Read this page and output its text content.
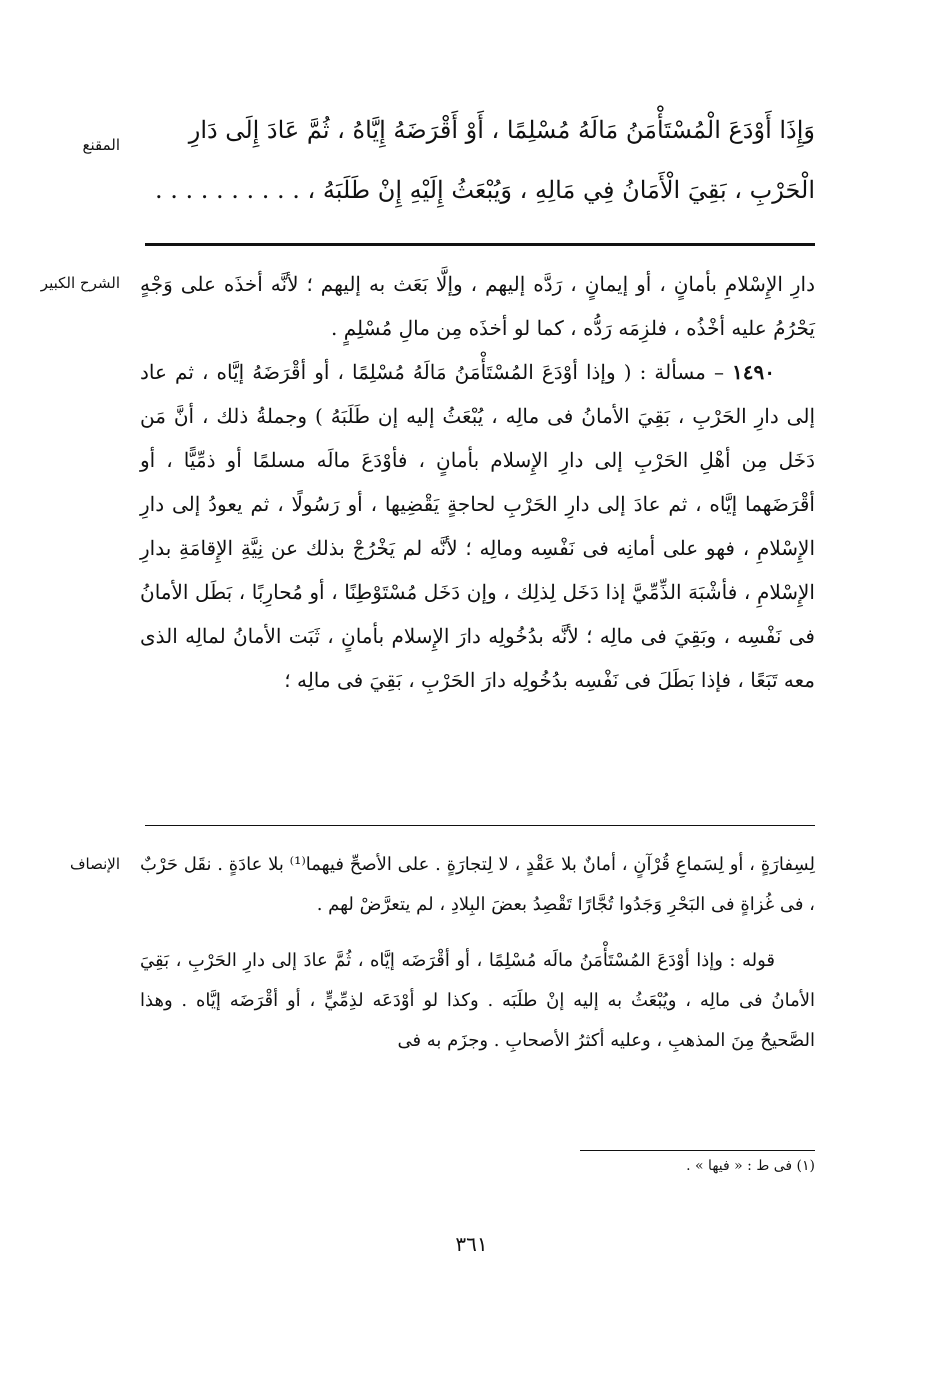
المقنع

وَإِذَا أَوْدَعَ الْمُسْتَأْمَنُ مَالَهُ مُسْلِمًا ، أَوْ أَقْرَضَهُ إِيَّاهُ ، ثُمَّ عَادَ إِلَى دَارِ

الْحَرْبِ ، بَقِيَ الْأَمَانُ فِي مَالِهِ ، وَيُبْعَثُ إِلَيْهِ إِنْ طَلَبَهُ ، . . . . . . . . . .

الشرح الكبير دارِ الإِسْلامِ بأمانٍ ، أو إيمانٍ ، رَدَّه إليهم ، وإلَّا بَعَث به إليهم ؛ لأنَّه أخذَه على وَجْهٍ يَحْرُمُ عليه أخْذُه ، فلزِمَه رَدُّه ، كما لو أخذَه مِن مالِ مُسْلِمٍ .

١٤٩٠ – مسألة : ( وإذا أوْدَعَ المُسْتَأْمَنُ مَالَهُ مُسْلِمًا ، أو أقْرَضَهُ إيَّاه ، ثم عاد إلى دارِ الحَرْبِ ، بَقِيَ الأمانُ فى مالِه ، يُبْعَثُ إليه إن طَلَبَهُ ) وجملةُ ذلك ، أنَّ مَن دَخَل مِن أهْلِ الحَرْبِ إلى دارِ الإِسلام بأمانٍ ، فأوْدَعَ مالَه مسلمًا أو ذمِّيًّا ، أو أقْرَضَهما إيَّاه ، ثم عادَ إلى دارِ الحَرْبِ لحاجةٍ يَقْضِيها ، أو رَسُولًا ، ثم يعودُ إلى دارِ الإِسْلامِ ، فهو على أمانِه فى نَفْسِه ومالِه ؛ لأنَّه لم يَخْرُجْ بذلك عن نِيَّةِ الإِقامَةِ بدارِ الإِسْلامِ ، فأشْبَهَ الذِّمِّيَّ إذا دَخَل لِذلِك ، وإن دَخَل مُسْتَوْطِنًا ، أو مُحارِبًا ، بَطَل الأمانُ فى نَفْسِه ، وبَقِيَ فى مالِه ؛ لأنَّه بدُخُولِه دارَ الإِسلام بأمانٍ ، ثَبَت الأمانُ لمالِه الذى معه تَبَعًا ، فإذا بَطَلَ فى نَفْسِه بدُخُولِه دارَ الحَرْبِ ، بَقِيَ فى مالِه ؛

الإنصاف لِسِفارَةٍ ، أو لِسَماعِ قُرْآنٍ ، أمانٌ بلا عَقْدٍ ، لا لِتجارَةٍ . على الأصحِّ فيهما⁽¹⁾ بلا عادَةٍ . نقَل حَرْبٌ ، فى غُزاةٍ فى البَحْرِ وَجَدُوا تُجَّارًا تَقْصِدُ بعضَ البِلادِ ، لم يتعرَّضْ لهم .

قوله : وإذا أوْدَعَ المُسْتَأْمَنُ مالَه مُسْلِمًا ، أو أقْرَضَه إيَّاه ، ثُمَّ عادَ إلى دارِ الحَرْبِ ، بَقِيَ الأمانُ فى مالِه ، ويُبْعَثُ به إليه إنْ طلَبَه . وكذا لو أوْدَعَه لذِمِّيٍّ ، أو أقْرَضَه إيَّاه . وهذا الصَّحيحُ مِنَ المذهبِ ، وعليه أكثرُ الأصحابِ . وجزَم به فى

(١) فى ط : « فيها » .
٣٦١
